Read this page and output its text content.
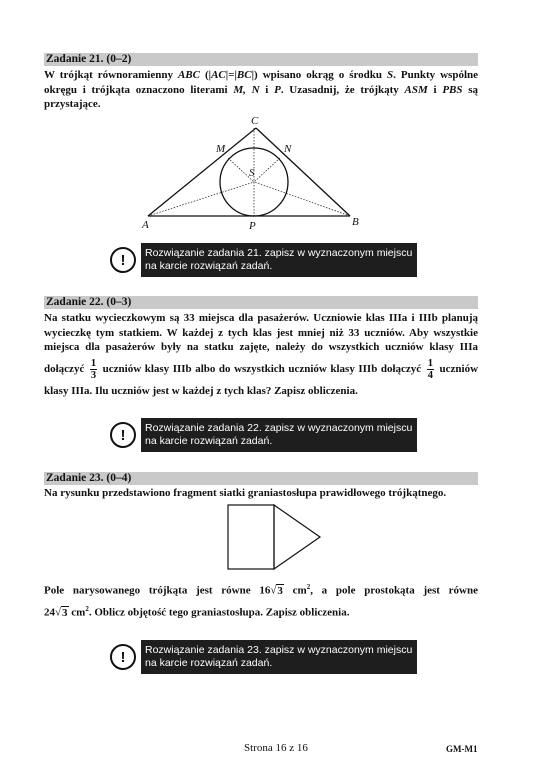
Zadanie 21. (0–2)
W trójkąt równoramienny ABC (|AC|=|BC|) wpisano okrąg o środku S. Punkty wspólne
okręgu i trójkąta oznaczono literami M, N i P. Uzasadnij, że trójkąty ASM i PBS są
przystające.
C
M	N
S
A	P	B
!	Rozwiązanie zadania 21. zapisz w wyznaczonym miejscu
na karcie rozwiązań zadań.
Zadanie 22. (0–3)
Na statku wycieczkowym są 33 miejsca dla pasażerów. Uczniowie klas IIIa i IIIb planują
wycieczkę tym statkiem. W każdej z tych klas jest mniej niż 33 uczniów. Aby wszystkie
miejsca dla pasażerów były na statku zajęte, należy do wszystkich uczniów klasy IIIa
dołączyć $\frac{1}{3}$ uczniów klasy IIIb albo do wszystkich uczniów klasy IIIb dołączyć $\frac{1}{4}$ uczniów
klasy IIIa. Ilu uczniów jest w każdej z tych klas? Zapisz obliczenia.
!	Rozwiązanie zadania 22. zapisz w wyznaczonym miejscu
na karcie rozwiązań zadań.
Zadanie 23. (0–4)
Na rysunku przedstawiono fragment siatki graniastosłupa prawidłowego trójkątnego.
Pole narysowanego trójkąta jest równe 16√3 $cm^2$, a pole prostokąta jest równe
24√3 $cm^2$. Oblicz objętość tego graniastosłupa. Zapisz obliczenia.
!	Rozwiązanie zadania 23. zapisz w wyznaczonym miejscu
na karcie rozwiązań zadań.
Strona 16 z 16	GM-M1
